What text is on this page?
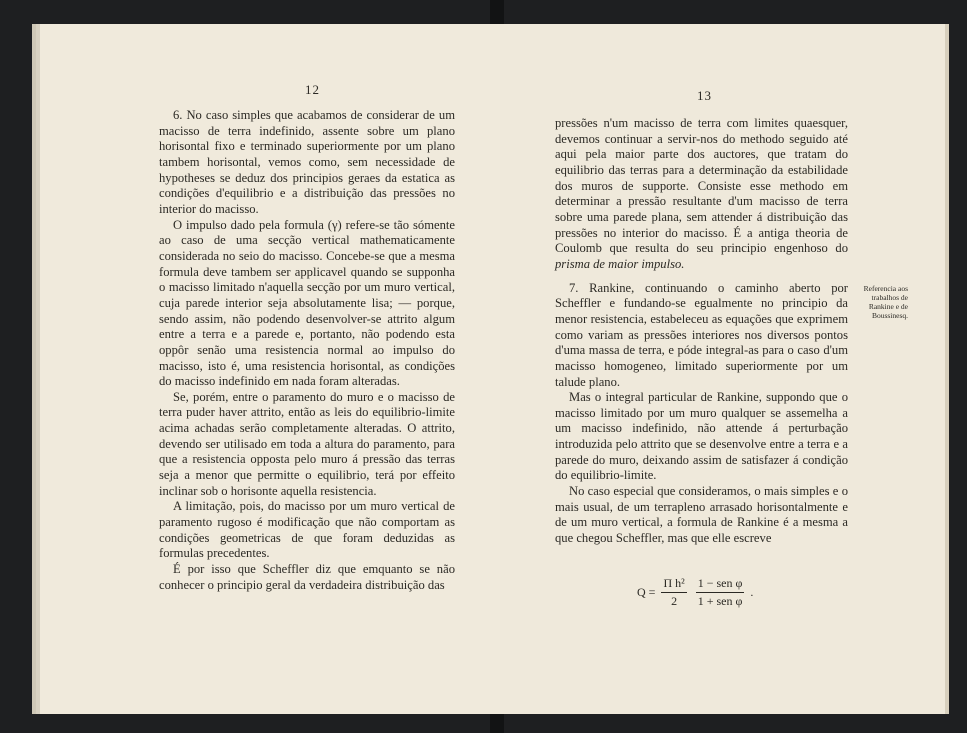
12

6. No caso simples que acabamos de considerar de um macisso de terra indefinido, assente sobre um plano horisontal fixo e terminado superiormente por um plano tambem horisontal, vemos como, sem necessidade de hypotheses se deduz dos principios geraes da estatica as condições d'equilibrio e a distribuição das pressões no interior do macisso.

O impulso dado pela formula (γ) refere-se tão sómente ao caso de uma secção vertical mathematicamente considerada no seio do macisso. Concebe-se que a mesma formula deve tambem ser applicavel quando se supponha o macisso limitado n'aquella secção por um muro vertical, cuja parede interior seja absolutamente lisa; — porque, sendo assim, não podendo desenvolver-se attrito algum entre a terra e a parede e, portanto, não podendo esta oppôr senão uma resistencia normal ao impulso do macisso, isto é, uma resistencia horisontal, as condições do macisso indefinido em nada foram alteradas.

Se, porém, entre o paramento do muro e o macisso de terra puder haver attrito, então as leis do equilibrio-limite acima achadas serão completamente alteradas. O attrito, devendo ser utilisado em toda a altura do paramento, para que a resistencia opposta pelo muro á pressão das terras seja a menor que permitte o equilibrio, terá por effeito inclinar sob o horisonte aquella resistencia.

A limitação, pois, do macisso por um muro vertical de paramento rugoso é modificação que não comportam as condições geometricas de que foram deduzidas as formulas precedentes.

É por isso que Scheffler diz que emquanto se não conhecer o principio geral da verdadeira distribuição das

13

pressões n'um macisso de terra com limites quaesquer, devemos continuar a servir-nos do methodo seguido até aqui pela maior parte dos auctores, que tratam do equilibrio das terras para a determinação da estabilidade dos muros de supporte. Consiste esse methodo em determinar a pressão resultante d'um macisso de terra sobre uma parede plana, sem attender á distribuição das pressões no interior do macisso. É a antiga theoria de Coulomb que resulta do seu principio engenhoso do prisma de maior impulso.

7. Rankine, continuando o caminho aberto por Scheffler e fundando-se egualmente no principio da menor resistencia, estabeleceu as equações que exprimem como variam as pressões interiores nos diversos pontos d'uma massa de terra, e póde integral-as para o caso d'um macisso homogeneo, limitado superiormente por um talude plano.

Mas o integral particular de Rankine, suppondo que o macisso limitado por um muro qualquer se assemelha a um macisso indefinido, não attende á perturbação introduzida pelo attrito que se desenvolve entre a terra e a parede do muro, deixando assim de satisfazer á condição do equilibrio-limite.

No caso especial que consideramos, o mais simples e o mais usual, de um terrapleno arrasado horisontalmente e de um muro vertical, a formula de Rankine é a mesma a que chegou Scheffler, mas que elle escreve

Referencia aos trabalhos de Rankine e de Boussinesq.
$Q = \frac{\text{Π h²}}{2}$
$\frac{\text{1 − sen φ}}{\text{1 + sen φ}}$ .
